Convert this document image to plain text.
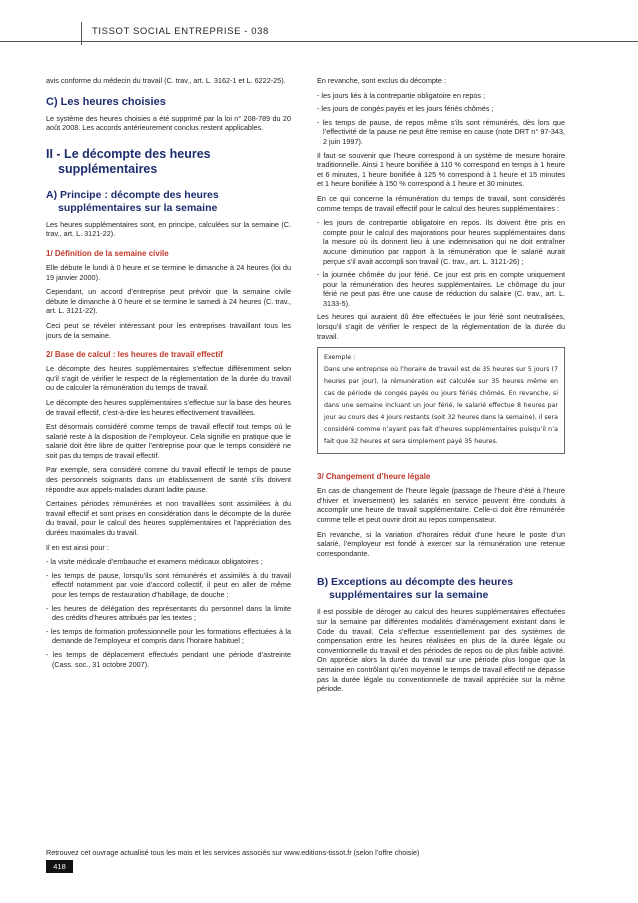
TISSOT SOCIAL ENTREPRISE - 038

avis conforme du médecin du travail (C. trav., art. L. 3162-1 et L. 6222-25).

C) Les heures choisies

Le système des heures choisies a été supprimé par la loi n° 208-789 du 20 août 2008. Les accords antérieurement conclus restent applicables.

II - Le décompte des heures
supplémentaires
A) Principe : décompte des heures
supplémentaires sur la semaine

Les heures supplémentaires sont, en principe, calculées sur la semaine (C. trav., art. L. 3121-22).

1/ Définition de la semaine civile

Elle débute le lundi à 0 heure et se termine le dimanche à 24 heures (loi du 19 janvier 2000).

Cependant, un accord d’entreprise peut prévoir que la semaine civile débute le dimanche à 0 heure et se termine le samedi à 24 heures (C. trav., art. L. 3121-22).

Ceci peut se révéler intéressant pour les entreprises travaillant tous les jours de la semaine.

2/ Base de calcul : les heures de travail effectif

Le décompte des heures supplémentaires s’effectue différemment selon qu’il s’agit de vérifier le respect de la réglementation de la durée du travail ou de calculer la rémunération du temps de travail.

Le décompte des heures supplémentaires s’effectue sur la base des heures de travail effectif, c’est-à-dire les heures effectivement travaillées.

Est désormais considéré comme temps de travail effectif tout temps où le salarié reste à la disposition de l’employeur. Cela signifie en pratique que le salarié doit être libre de quitter l’entreprise pour que le temps considéré ne soit pas du temps de travail effectif.

Par exemple, sera considéré comme du travail effectif le temps de pause des personnels soignants dans un établissement de santé s’ils doivent répondre aux appels-malades durant ladite pause.

Certaines périodes rémunérées et non travaillées sont assimilées à du travail effectif et sont prises en considération dans le décompte de la durée du travail, pour le calcul des heures supplémentaires et l’appréciation des durées maximales du travail.

Il en est ainsi pour :

- la visite médicale d’embauche et examens médicaux obligatoires ;
- les temps de pause, lorsqu’ils sont rémunérés et assimilés à du travail effectif notamment par voie d’accord collectif, il peut en aller de même pour les temps de restauration d’habillage, de douche ;
- les heures de délégation des représentants du personnel dans la limite des crédits d’heures attribués par les textes ;
- les temps de formation professionnelle pour les formations effectuées à la demande de l’employeur et compris dans l’horaire habituel ;
- les temps de déplacement effectués pendant une période d’astreinte (Cass. soc., 31 octobre 2007).

En revanche, sont exclus du décompte :

- les jours liés à la contrepartie obligatoire en repos ;
- les jours de congés payés et les jours fériés chômés ;
- les temps de pause, de repos même s’ils sont rémunérés, dès lors que l’effectivité de la pause ne peut être remise en cause (note DRT n° 97-343, 2 juin 1997).

Il faut se souvenir que l’heure correspond à un système de mesure horaire traditionnelle. Ainsi 1 heure bonifiée à 110 % correspond en temps à 1 heure et 6 minutes, 1 heure bonifiée à 125 % correspond à 1 heure et 15 minutes et 1 heure bonifiée à 150 % correspond à 1 heure et 30 minutes.

En ce qui concerne la rémunération du temps de travail, sont considérés comme temps de travail effectif pour le calcul des heures supplémentaires :

- les jours de contrepartie obligatoire en repos. Ils doivent être pris en compte pour le calcul des majorations pour heures supplémentaires dans la mesure où ils donnent lieu à une indemnisation qui ne doit entraîner aucune diminution par rapport à la rémunération que le salarié aurait perçue s’il avait accompli son travail (C. trav., art. L. 3121-26) ;
- la journée chômée du jour férié. Ce jour est pris en compte uniquement pour la rémunération des heures supplémentaires. Le chômage du jour férié ne peut pas être une cause de réduction du salaire (C. trav., art. L. 3133-5).

Les heures qui auraient dû être effectuées le jour férié sont neutralisées, lorsqu’il s’agit de vérifier le respect de la réglementation de la durée du travail.

Exemple :
Dans une entreprise où l’horaire de travail est de 35 heures sur 5 jours (7 heures par jour), la rémunération est calculée sur 35 heures même en cas de période de congés payés ou jours fériés chômés. En revanche, si dans une semaine incluant un jour férié, le salarié effectue 8 heures par jour au cours des 4 jours restants (soit 32 heures dans la semaine), il sera considéré comme n’ayant pas fait d’heures supplémentaires puisqu’il n’a fait que 32 heures et sera simplement payé 35 heures.
3/ Changement d’heure légale

En cas de changement de l’heure légale (passage de l’heure d’été à l’heure d’hiver et inversement) les salariés en service peuvent être conduits à accomplir une heure de travail supplémentaire. Celle-ci doit être rémunérée comme telle et peut ouvrir droit au repos compensateur.

En revanche, si la variation d’horaires réduit d’une heure le poste d’un salarié, l’employeur est fondé à exercer sur la rémunération une retenue correspondante.

B) Exceptions au décompte des heures
supplémentaires sur la semaine

Il est possible de déroger au calcul des heures supplémentaires effectuées sur la semaine par différentes modalités d’aménagement existant dans le Code du travail. Cela s’effectue essentiellement par des systèmes de compensation entre les heures réalisées en plus de la durée légale ou conventionnelle du travail et des périodes de repos ou de plus faible activité. On apprécie alors la durée du travail sur une période plus longue que la semaine en contrôlant qu’en moyenne le temps de travail effectif ne dépasse pas la durée légale ou conventionnelle de travail appréciée sur la même période.

Retrouvez cet ouvrage actualisé tous les mois et les services associés sur www.editions-tissot.fr (selon l’offre choisie)
418
